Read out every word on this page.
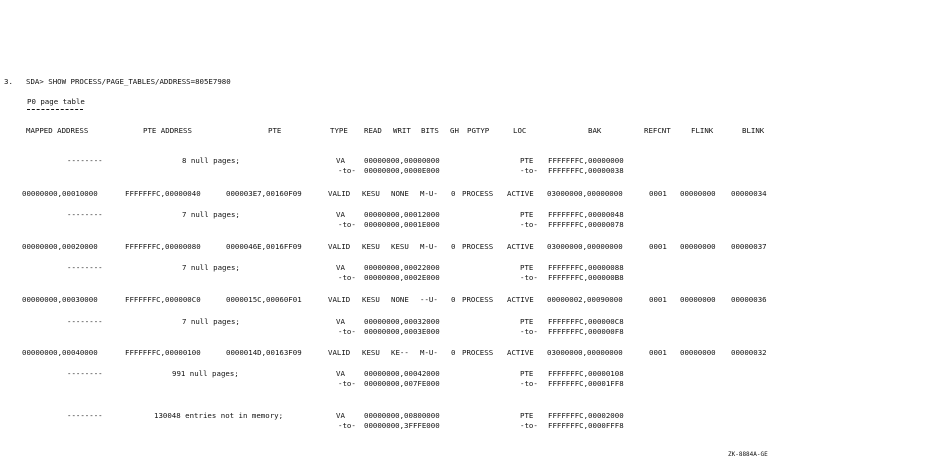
3. SDA> SHOW PROCESS/PAGE_TABLES/ADDRESS=805E7980
P0 page table
MAPPED ADDRESS	PTE ADDRESS	PTE	TYPE READ WRIT BITS GH PGTYP	LOC	BAK	REFCNT	FLINK	BLINK
--------	8 null pages;	VA	00000000,00000000
-to- 00000000,0000E000
PTE FFFFFFFC,00000000
-to- FFFFFFFC,00000038
00000000,00010000	FFFFFFFC,00000040	000003E7,00160F09	VALID KESU NONE M-U- 0 PROCESS ACTIVE 03000000,00000000	0001 00000000 00000034
--------	7 null pages;	VA	00000000,00012000
-to- 00000000,0001E000
PTE FFFFFFFC,00000048
-to- FFFFFFFC,00000078
00000000,00020000	FFFFFFFC,00000080	0000046E,0016FF09	VALID KESU KESU M-U- 0 PROCESS ACTIVE 03000000,00000000	0001 00000000 00000037
--------	7 null pages;	VA	00000000,00022000
-to- 00000000,0002E000
PTE FFFFFFFC,00000088
-to- FFFFFFFC,000000B8
00000000,00030000	FFFFFFFC,000000C0	0000015C,00060F01	VALID KESU NONE --U- 0 PROCESS ACTIVE 00000002,00090000	0001 00000000 00000036
--------	7 null pages;	VA	00000000,00032000
-to- 00000000,0003E000
PTE FFFFFFFC,000000C8
-to- FFFFFFFC,000000F8
00000000,00040000	FFFFFFFC,00000100	0000014D,00163F09	VALID KESU KE-- M-U- 0 PROCESS ACTIVE 03000000,00000000	0001 00000000 00000032
--------	991 null pages;	VA	00000000,00042000
-to- 00000000,007FE000
PTE FFFFFFFC,00000108
-to- FFFFFFFC,00001FF8
--------	130048 entries not in memory;	VA	00000000,00800000
-to- 00000000,3FFFE000
PTE FFFFFFFC,00002000
-to- FFFFFFFC,0000FFF8
ZK-8884A-GE
